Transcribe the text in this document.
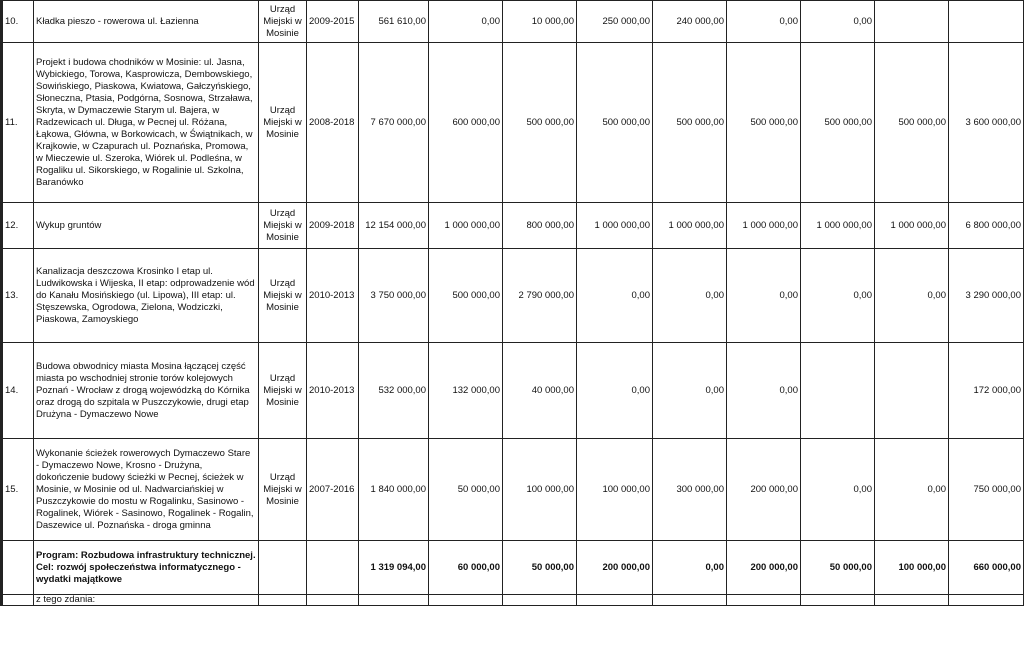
10.	Kładka pieszo - rowerowa ul. Łazienna	Urząd Miejski w Mosinie	2009-2015	561 610,00	0,00	10 000,00	250 000,00	240 000,00	0,00	0,00		
11.	Projekt i budowa chodników w Mosinie: ul. Jasna, Wybickiego, Torowa, Kasprowicza, Dembowskiego, Sowińskiego, Piaskowa, Kwiatowa, Gałczyńskiego, Słoneczna, Ptasia, Podgórna, Sosnowa, Strzaława, Skryta, w Dymaczewie Starym ul. Bajera, w Radzewicach ul. Długa, w Pecnej ul. Różana, Łąkowa, Główna, w Borkowicach, w Świątnikach, w Krajkowie, w Czapurach ul. Poznańska, Promowa, w Mieczewie ul. Szeroka, Wiórek ul. Podleśna, w Rogaliku ul. Sikorskiego, w Rogalinie ul. Szkolna, Baranówko	Urząd Miejski w Mosinie	2008-2018	7 670 000,00	600 000,00	500 000,00	500 000,00	500 000,00	500 000,00	500 000,00	500 000,00	3 600 000,00
12.	Wykup gruntów	Urząd Miejski w Mosinie	2009-2018	12 154 000,00	1 000 000,00	800 000,00	1 000 000,00	1 000 000,00	1 000 000,00	1 000 000,00	1 000 000,00	6 800 000,00
13.	Kanalizacja deszczowa Krosinko I etap ul. Ludwikowska i Wijeska, II etap: odprowadzenie wód do Kanału Mosińskiego (ul. Lipowa), III etap: ul. Stęszewska, Ogrodowa, Zielona, Wodziczki, Piaskowa, Zamoyskiego	Urząd Miejski w Mosinie	2010-2013	3 750 000,00	500 000,00	2 790 000,00	0,00	0,00	0,00	0,00	0,00	3 290 000,00
14.	Budowa obwodnicy miasta Mosina łączącej część miasta po wschodniej stronie torów kolejowych Poznań - Wrocław z drogą wojewódzką do Kórnika oraz drogą do szpitala w Puszczykowie, drugi etap Drużyna - Dymaczewo Nowe	Urząd Miejski w Mosinie	2010-2013	532 000,00	132 000,00	40 000,00	0,00	0,00	0,00			172 000,00
15.	Wykonanie ścieżek rowerowych Dymaczewo Stare - Dymaczewo Nowe, Krosno - Drużyna, dokończenie budowy ścieżki w Pecnej, ścieżek w Mosinie, w Mosinie od ul. Nadwarciańskiej w Puszczykowie do mostu w Rogalinku, Sasinowo - Rogalinek, Wiórek - Sasinowo, Rogalinek - Rogalin, Daszewice ul. Poznańska - droga gminna	Urząd Miejski w Mosinie	2007-2016	1 840 000,00	50 000,00	100 000,00	100 000,00	300 000,00	200 000,00	0,00	0,00	750 000,00
	Program: Rozbudowa infrastruktury technicznej. Cel: rozwój społeczeństwa informatycznego - wydatki majątkowe			1 319 094,00	60 000,00	50 000,00	200 000,00	0,00	200 000,00	50 000,00	100 000,00	660 000,00
	z tego zdania:											
